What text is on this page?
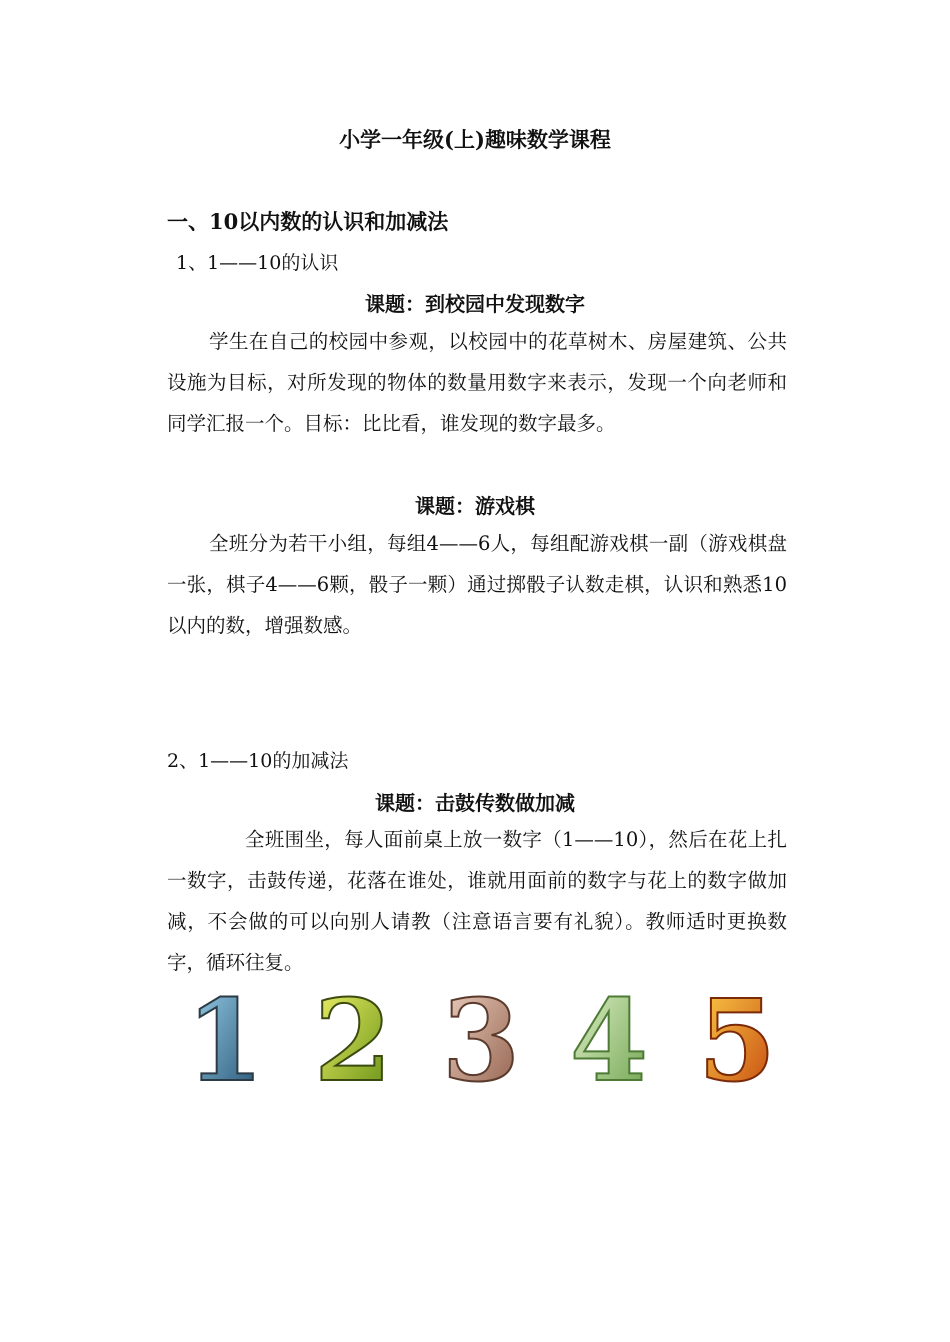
小学一年级(上)趣味数学课程
一、10以内数的认识和加减法
1、1——10的认识
课题：到校园中发现数字
学生在自己的校园中参观，以校园中的花草树木、房屋建筑、公共设施为目标，对所发现的物体的数量用数字来表示，发现一个向老师和同学汇报一个。目标：比比看，谁发现的数字最多。
课题：游戏棋
全班分为若干小组，每组4——6人，每组配游戏棋一副（游戏棋盘一张，棋子4——6颗，骰子一颗）通过掷骰子认数走棋，认识和熟悉10以内的数，增强数感。
2、1——10的加减法
课题：击鼓传数做加减
全班围坐，每人面前桌上放一数字（1——10），然后在花上扎一数字，击鼓传递，花落在谁处，谁就用面前的数字与花上的数字做加减，不会做的可以向别人请教（注意语言要有礼貌）。教师适时更换数字，循环往复。
1 2 3 4 5
